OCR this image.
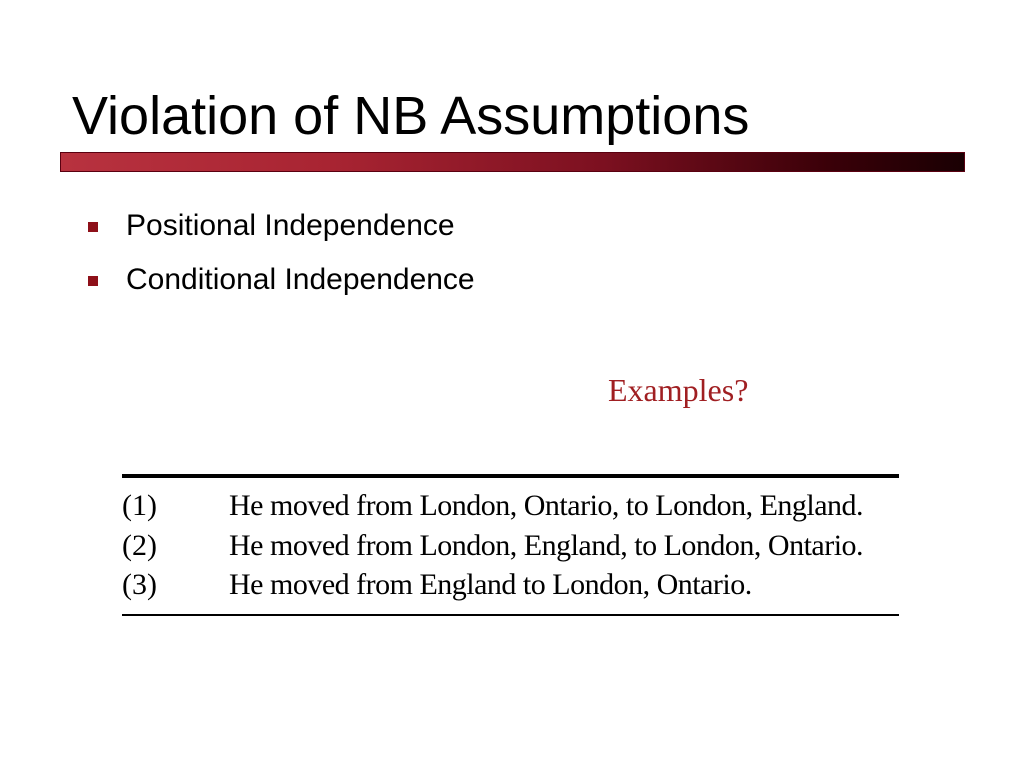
Violation of NB Assumptions
Positional Independence
Conditional Independence
Examples?
(1) He moved from London, Ontario, to London, England.
(2) He moved from London, England, to London, Ontario.
(3) He moved from England to London, Ontario.
